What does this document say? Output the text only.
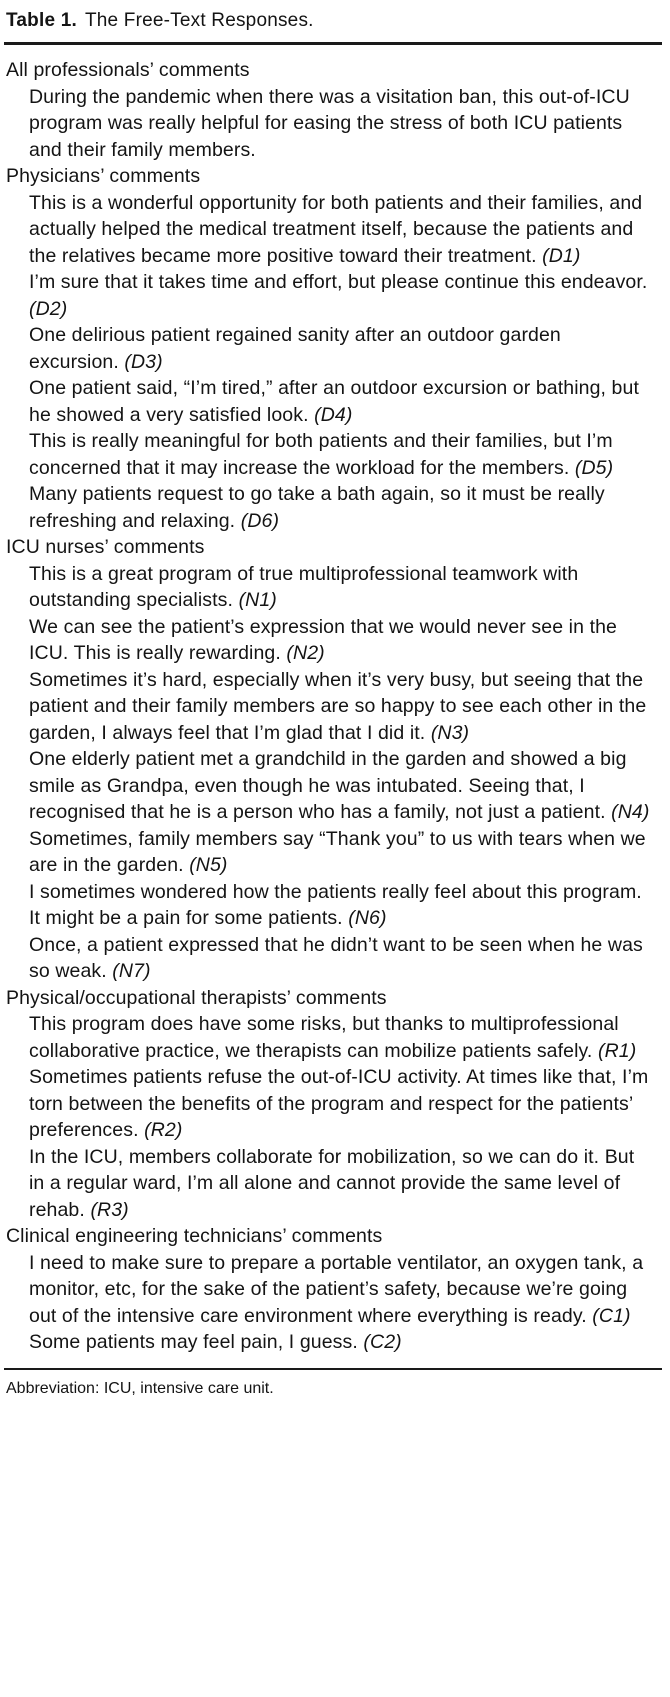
Table 1. The Free-Text Responses.
All professionals’ comments
During the pandemic when there was a visitation ban, this out-of-ICU program was really helpful for easing the stress of both ICU patients and their family members.
Physicians’ comments
This is a wonderful opportunity for both patients and their families, and actually helped the medical treatment itself, because the patients and the relatives became more positive toward their treatment. (D1)
I’m sure that it takes time and effort, but please continue this endeavor. (D2)
One delirious patient regained sanity after an outdoor garden excursion. (D3)
One patient said, “I’m tired,” after an outdoor excursion or bathing, but he showed a very satisfied look. (D4)
This is really meaningful for both patients and their families, but I’m concerned that it may increase the workload for the members. (D5)
Many patients request to go take a bath again, so it must be really refreshing and relaxing. (D6)
ICU nurses’ comments
This is a great program of true multiprofessional teamwork with outstanding specialists. (N1)
We can see the patient’s expression that we would never see in the ICU. This is really rewarding. (N2)
Sometimes it’s hard, especially when it’s very busy, but seeing that the patient and their family members are so happy to see each other in the garden, I always feel that I’m glad that I did it. (N3)
One elderly patient met a grandchild in the garden and showed a big smile as Grandpa, even though he was intubated. Seeing that, I recognised that he is a person who has a family, not just a patient. (N4)
Sometimes, family members say “Thank you” to us with tears when we are in the garden. (N5)
I sometimes wondered how the patients really feel about this program. It might be a pain for some patients. (N6)
Once, a patient expressed that he didn’t want to be seen when he was so weak. (N7)
Physical/occupational therapists’ comments
This program does have some risks, but thanks to multiprofessional collaborative practice, we therapists can mobilize patients safely. (R1)
Sometimes patients refuse the out-of-ICU activity. At times like that, I’m torn between the benefits of the program and respect for the patients’ preferences. (R2)
In the ICU, members collaborate for mobilization, so we can do it. But in a regular ward, I’m all alone and cannot provide the same level of rehab. (R3)
Clinical engineering technicians’ comments
I need to make sure to prepare a portable ventilator, an oxygen tank, a monitor, etc, for the sake of the patient’s safety, because we’re going out of the intensive care environment where everything is ready. (C1)
Some patients may feel pain, I guess. (C2)
Abbreviation: ICU, intensive care unit.
